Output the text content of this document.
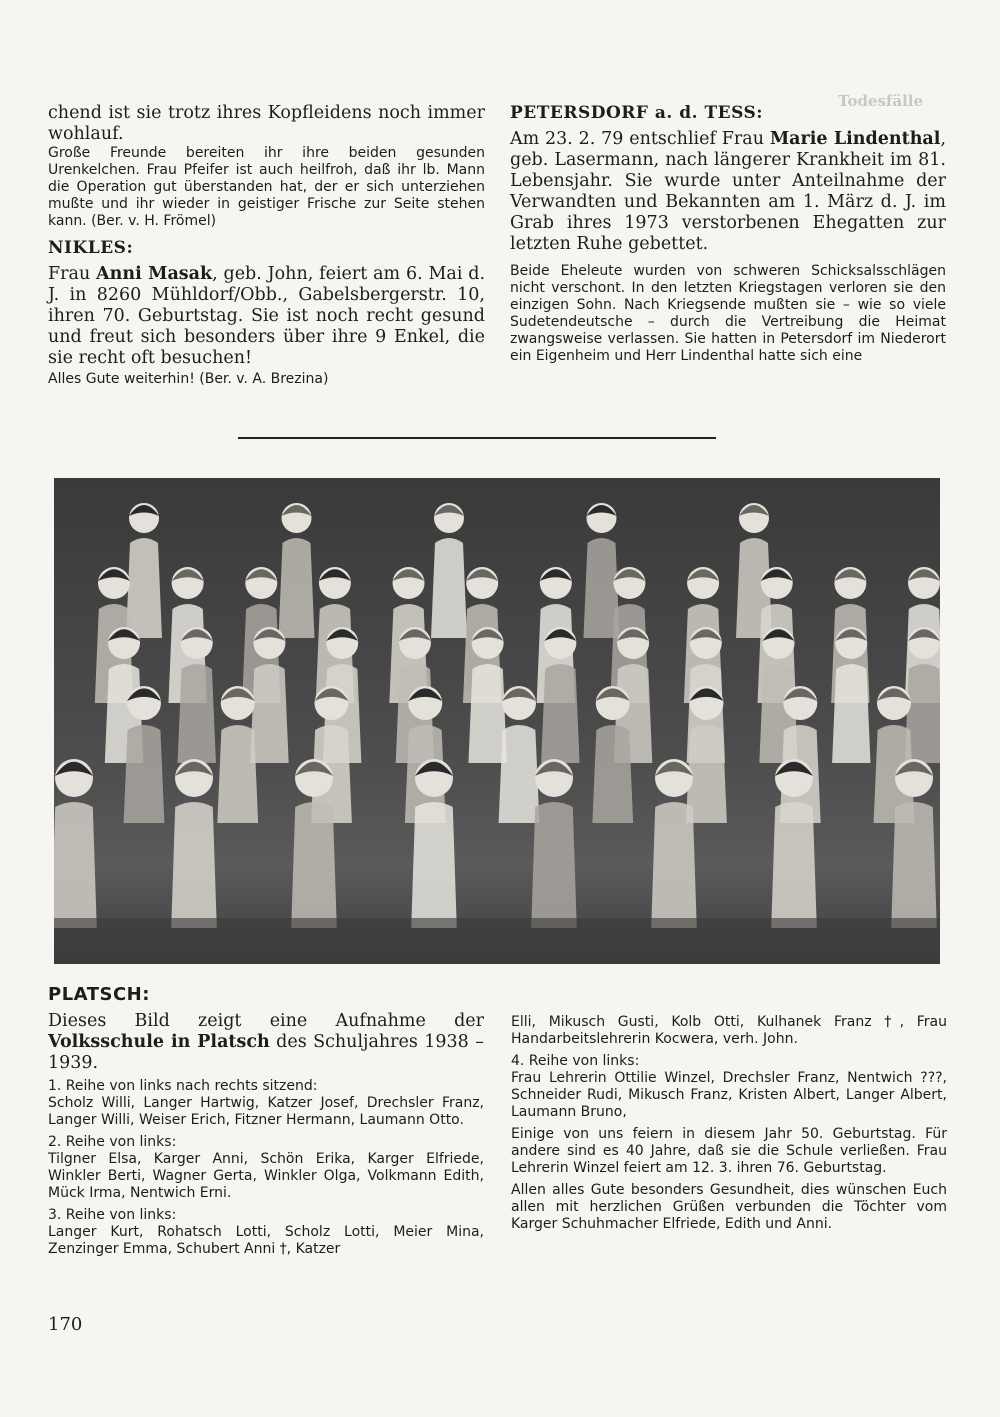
Todesfälle

chend ist sie trotz ihres Kopfleidens noch immer wohlauf.

Große Freunde bereiten ihr ihre beiden gesunden Urenkelchen. Frau Pfeifer ist auch heilfroh, daß ihr lb. Mann die Operation gut überstanden hat, der er sich unterziehen mußte und ihr wieder in geistiger Frische zur Seite stehen kann. (Ber. v. H. Frömel)

NIKLES:

Frau Anni Masak, geb. John, feiert am 6. Mai d. J. in 8260 Mühldorf/Obb., Gabelsbergerstr. 10, ihren 70. Geburtstag. Sie ist noch recht gesund und freut sich besonders über ihre 9 Enkel, die sie recht oft besuchen!

Alles Gute weiterhin! (Ber. v. A. Brezina)

PETERSDORF a. d. TESS:

Am 23. 2. 79 entschlief Frau Marie Lindenthal, geb. Lasermann, nach längerer Krankheit im 81. Lebensjahr. Sie wurde unter Anteilnahme der Verwandten und Bekannten am 1. März d. J. im Grab ihres 1973 verstorbenen Ehegatten zur letzten Ruhe gebettet.

Beide Eheleute wurden von schweren Schicksalsschlägen nicht verschont. In den letzten Kriegstagen verloren sie den einzigen Sohn. Nach Kriegsende mußten sie – wie so viele Sudetendeutsche – durch die Vertreibung die Heimat zwangsweise verlassen. Sie hatten in Petersdorf im Niederort ein Eigenheim und Herr Lindenthal hatte sich eine

PLATSCH:

Dieses Bild zeigt eine Aufnahme der Volksschule in Platsch des Schuljahres 1938 – 1939.

1. Reihe von links nach rechts sitzend:

Scholz Willi, Langer Hartwig, Katzer Josef, Drechsler Franz, Langer Willi, Weiser Erich, Fitzner Hermann, Laumann Otto.

2. Reihe von links:

Tilgner Elsa, Karger Anni, Schön Erika, Karger Elfriede, Winkler Berti, Wagner Gerta, Winkler Olga, Volkmann Edith, Mück Irma, Nentwich Erni.

3. Reihe von links:

Langer Kurt, Rohatsch Lotti, Scholz Lotti, Meier Mina, Zenzinger Emma, Schubert Anni †, Katzer

Elli, Mikusch Gusti, Kolb Otti, Kulhanek Franz †, Frau Handarbeitslehrerin Kocwera, verh. John.

4. Reihe von links:

Frau Lehrerin Ottilie Winzel, Drechsler Franz, Nentwich ???, Schneider Rudi, Mikusch Franz, Kristen Albert, Langer Albert, Laumann Bruno,

Einige von uns feiern in diesem Jahr 50. Geburtstag. Für andere sind es 40 Jahre, daß sie die Schule verließen. Frau Lehrerin Winzel feiert am 12. 3. ihren 76. Geburtstag.

Allen alles Gute besonders Gesundheit, dies wünschen Euch allen mit herzlichen Grüßen verbunden die Töchter vom Karger Schuhmacher Elfriede, Edith und Anni.

170
